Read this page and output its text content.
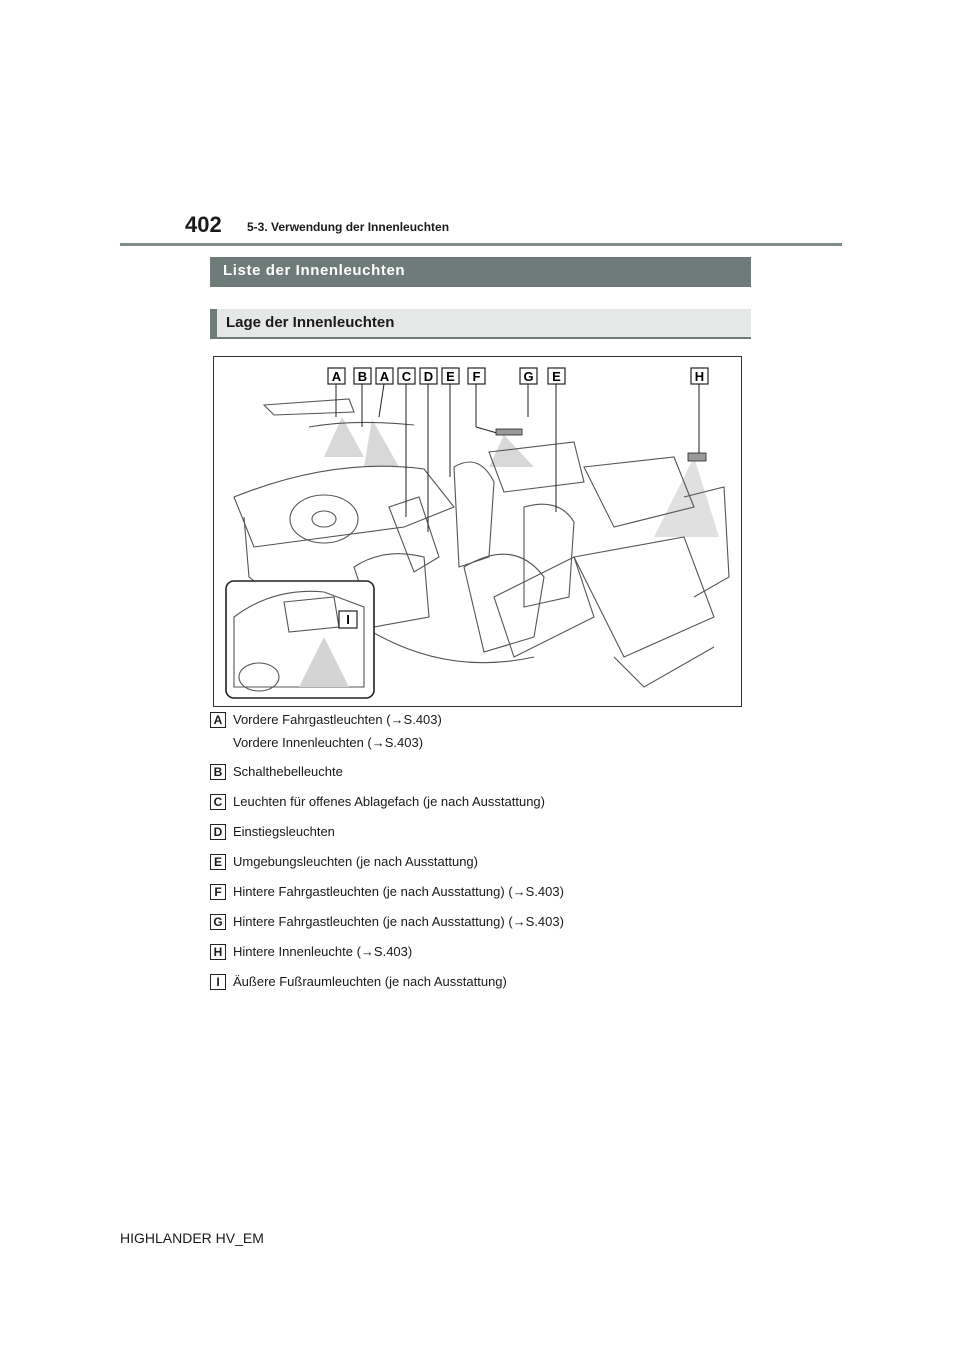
402 5-3. Verwendung der Innenleuchten
Liste der Innenleuchten
Lage der Innenleuchten
A B A C D E F	G E	H
I
A Vordere Fahrgastleuchten (→S.403)
Vordere Innenleuchten (→S.403)
B Schalthebelleuchte
C Leuchten für offenes Ablagefach (je nach Ausstattung)
D Einstiegsleuchten
E Umgebungsleuchten (je nach Ausstattung)
F Hintere Fahrgastleuchten (je nach Ausstattung) (→S.403)
G Hintere Fahrgastleuchten (je nach Ausstattung) (→S.403)
H Hintere Innenleuchte (→S.403)
I	Äußere Fußraumleuchten (je nach Ausstattung)
HIGHLANDER HV_EM
